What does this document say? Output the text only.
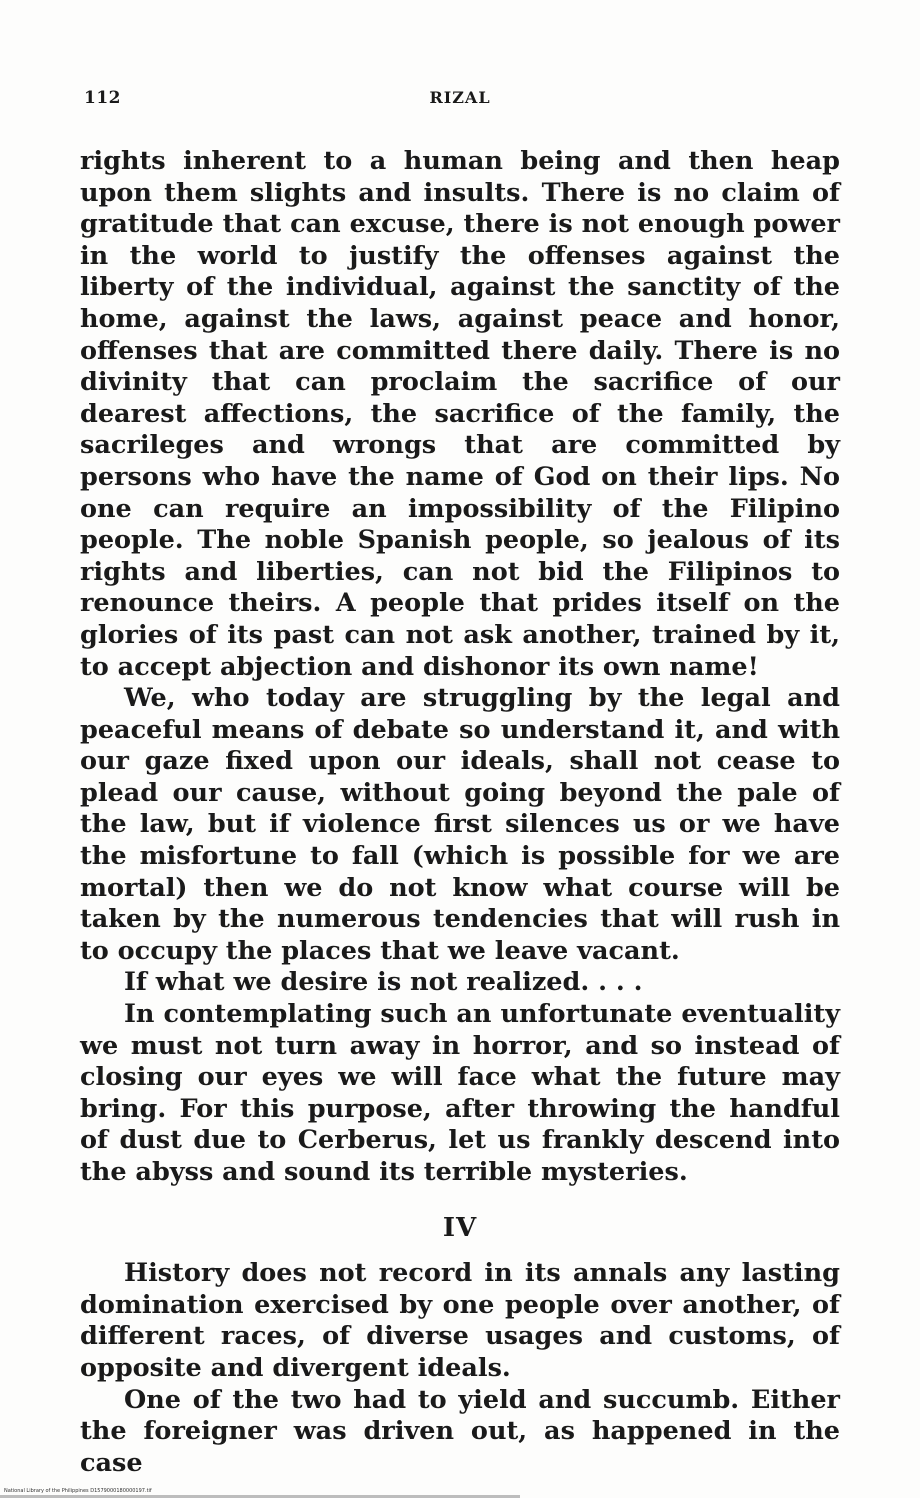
112	RIZAL

rights inherent to a human being and then heap upon them slights and insults. There is no claim of gratitude that can excuse, there is not enough power in the world to justify the offenses against the liberty of the individual, against the sanctity of the home, against the laws, against peace and honor, offenses that are committed there daily. There is no divinity that can proclaim the sacrifice of our dearest affections, the sacrifice of the family, the sacrileges and wrongs that are committed by persons who have the name of God on their lips. No one can require an impossibility of the Filipino people. The noble Spanish people, so jealous of its rights and liberties, can not bid the Filipinos to renounce theirs. A people that prides itself on the glories of its past can not ask another, trained by it, to accept abjection and dishonor its own name!

We, who today are struggling by the legal and peaceful means of debate so understand it, and with our gaze fixed upon our ideals, shall not cease to plead our cause, without going beyond the pale of the law, but if violence first silences us or we have the misfortune to fall (which is possible for we are mortal) then we do not know what course will be taken by the numerous tendencies that will rush in to occupy the places that we leave vacant.

If what we desire is not realized. . . .

In contemplating such an unfortunate eventuality we must not turn away in horror, and so instead of closing our eyes we will face what the future may bring. For this purpose, after throwing the handful of dust due to Cerberus, let us frankly descend into the abyss and sound its terrible mysteries.

IV

History does not record in its annals any lasting domination exercised by one people over another, of different races, of diverse usages and customs, of opposite and divergent ideals.

One of the two had to yield and succumb. Either the foreigner was driven out, as happened in the case

National Library of the Philippines D1579000180000197.tif
